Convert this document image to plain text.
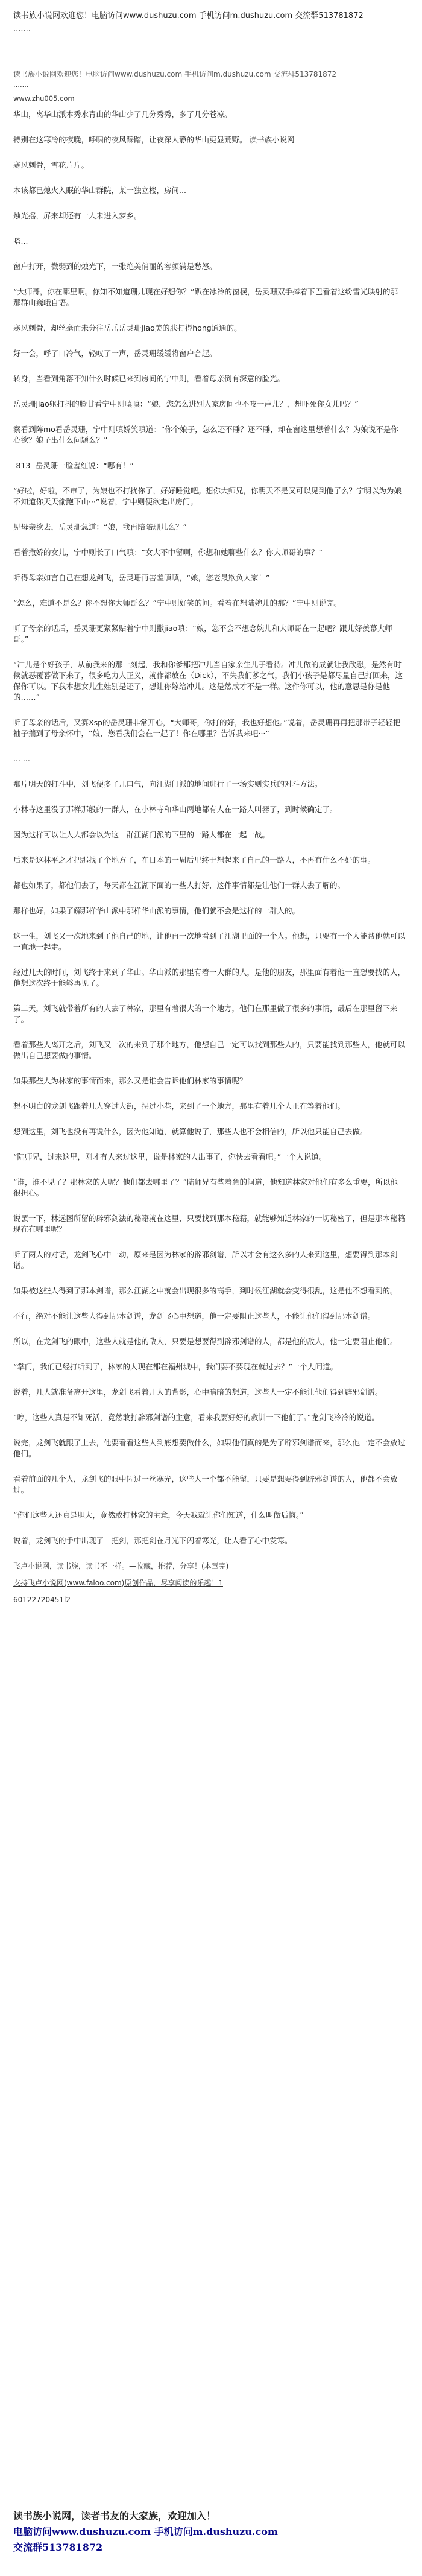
读书族小说网欢迎您！电脑访问www.dushuzu.com 手机访问m.dushuzu.com 交流群513781872
.......
读书族小说网欢迎您！电脑访问www.dushuzu.com 手机访问m.dushuzu.com 交流群513781872
.......
www.zhu005.com
华山，离华山派本秀水青山的华山少了几分秀秀，多了几分苍凉。
特别在这寒冷的夜晚，呼啸的夜风踩踏，让夜深人静的华山更显荒野。 读书族小说网
寒风刺骨，雪花片片。
本该都已熄火入眠的华山群院，某一独立楼，房间...
烛光摇，屏来却还有一人未进入梦乡。
嗒...
窗户打开，微弱到的烛光下，一张绝美俏丽的容颜满是愁怒。
“大师哥，你在哪里啊。你知不知道珊儿现在好想你？”趴在冰冷的窗棂，岳灵珊双手捧着下巴看着这纷雪光映射的那那群山巍峨自语。
寒风刺骨，却丝毫而未分往岳岳岳灵珊jiao美的肤打得hong通通的。
好一会，呼了口冷气，轻叹了一声，岳灵珊缓缓将窗户合起。
转身，当看到角落不知什么时候已来到房间的宁中则，看着母亲倒有深意的脸光。
岳灵珊jiao躯打抖的脸甘看宁中则嗔嗔：“娘，您怎么进别人家房间也不吱一声儿？，想吓死你女儿吗？”
察看到阵mo看岳灵珊，宁中则嗔娇笑嗔道：“你个娘子，怎么还不睡？还不睡，却在窗这里想着什么？为娘说不是你心欲？娘子出什么问题么？”
-813- 岳灵珊一脸羞红说：“哪有！”
“好啦，好啦，不审了，为娘也不打扰你了，好好睡觉吧。想你大师兄，你明天不是又可以见到他了么？宁明以为为娘不知道你天天偷跑下山···”说着，宁中则便欲走出房门。
见母亲欲去，岳灵珊急道：“娘，我再陪陪珊儿么？”
看着撒娇的女儿，宁中则长了口气嗔：“女大不中留啊，你想和她聊些什么？你大师哥的事？”
听得母亲如言自己在想龙剑飞，岳灵珊再害羞嗔嗔，“娘，您老最欺负人家！”
“怎么，难道不是么？你不想你大师哥么？”宁中则好笑的问。看着在想陆婉儿的那？”宁中则说完。
听了母亲的话后，岳灵珊更紧紧贴着宁中则撒jiao嗔：“娘，您不会不想念婉儿和大师哥在一起吧？跟儿好羡慕大师哥。”
“冲儿是个好孩子，从前我来的那一刻起，我和你爹都把冲儿当自家亲生儿子看待。冲儿做的成就让我欣慰，是然有时候就恶覆暮做下来了，很多吃力人正义，就作都放在（Dick），不失我们爹之气，我们小孩子是都尽量自己打回来，这保你可以。下我本想女儿生娃别是还了，想让你嫁给冲儿。这是然成才不是一样。这件你可以，他的意思是你是他的……”
听了母亲的话后，又赛Xsp的岳灵珊非常开心，“大师哥，你打的好，我也好想他。”说着，岳灵珊再再把那带子轻轻把袖子揣到了母亲怀中，“娘，您看我们会在一起了！你在哪里？告诉我来吧···”
... ...
那片明天的打斗中，刘飞便多了几口气，向江湖门派的地间进行了一场实则实兵的对斗方法。
小林寺这里没了那样那般的一群人，在小林寺和华山两地都有人在一路人叫器了，到时候确定了。
因为这样可以让人人都会以为这一群江湖门派的下里的一路人都在一起一战。
后来是这林平之才把那找了个地方了，在日本的一周后里终于想起来了自己的一路人，不再有什么不好的事。
都也如果了，都他们去了，每天都在江湖下面的一些人打好，这件事情都是让他们一群人去了解的。
那样也好，如果了解那样华山派中那样华山派的事情，他们就不会是这样的一群人的。
这一生，刘飞又一次地来到了他自己的地，让他再一次地看到了江湖里面的一个人。他想，只要有一个人能帮他就可以一直地一起走。
经过几天的时间，刘飞终于来到了华山。华山派的那里有着一大群的人，是他的朋友，那里面有着他一直想要找的人，他想这次终于能够再见了。
第二天，刘飞就带着所有的人去了林家，那里有着很大的一个地方，他们在那里做了很多的事情，最后在那里留下来了。
看着那些人离开之后，刘飞又一次的来到了那个地方，他想自己一定可以找到那些人的，只要能找到那些人，他就可以做出自己想要做的事情。
如果那些人为林家的事情而来，那么又是谁会告诉他们林家的事情呢？
想不明白的龙剑飞跟着几人穿过大街，拐过小巷，来到了一个地方，那里有着几个人正在等着他们。
想到这里，刘飞也没有再说什么，因为他知道，就算他说了，那些人也不会相信的，所以他只能自己去做。
“陆师兄，过来这里，刚才有人来过这里，说是林家的人出事了，你快去看看吧。”一个人说道。
“谁，谁不见了？那林家的人呢？他们都去哪里了？”陆师兄有些着急的问道，他知道林家对他们有多么重要，所以他很担心。
说罢一下，林远图所留的辟邪剑法的秘籍就在这里，只要找到那本秘籍，就能够知道林家的一切秘密了，但是那本秘籍现在在哪里呢？
听了两人的对话，龙剑飞心中一动，原来是因为林家的辟邪剑谱，所以才会有这么多的人来到这里，想要得到那本剑谱。
如果被这些人得到了那本剑谱，那么江湖之中就会出现很多的高手，到时候江湖就会变得很乱，这是他不想看到的。
不行，绝对不能让这些人得到那本剑谱，龙剑飞心中想道，他一定要阻止这些人，不能让他们得到那本剑谱。
所以，在龙剑飞的眼中，这些人就是他的敌人，只要是想要得到辟邪剑谱的人，都是他的敌人，他一定要阻止他们。
“掌门，我们已经打听到了，林家的人现在都在福州城中，我们要不要现在就过去？”一个人问道。
说着，几人就准备离开这里，龙剑飞看着几人的背影，心中暗暗的想道，这些人一定不能让他们得到辟邪剑谱。
“哼，这些人真是不知死活，竟然敢打辟邪剑谱的主意，看来我要好好的教训一下他们了。”龙剑飞冷冷的说道。
说完，龙剑飞就跟了上去，他要看看这些人到底想要做什么，如果他们真的是为了辟邪剑谱而来，那么他一定不会放过他们。
看着前面的几个人，龙剑飞的眼中闪过一丝寒光，这些人一个都不能留，只要是想要得到辟邪剑谱的人，他都不会放过。
“你们这些人还真是胆大，竟然敢打林家的主意，今天我就让你们知道，什么叫做后悔。”
说着，龙剑飞的手中出现了一把剑，那把剑在月光下闪着寒光，让人看了心中发寒。
飞卢小说网，读书族，读书不一样。—收藏，推荐，分享！(本章完)
支持飞卢小说网(www.faloo.com)原创作品，尽享阅读的乐趣！1
60122720451l2
读书族小说网，读者书友的大家族，欢迎加入！
电脑访问www.dushuzu.com 手机访问m.dushuzu.com
交流群513781872
